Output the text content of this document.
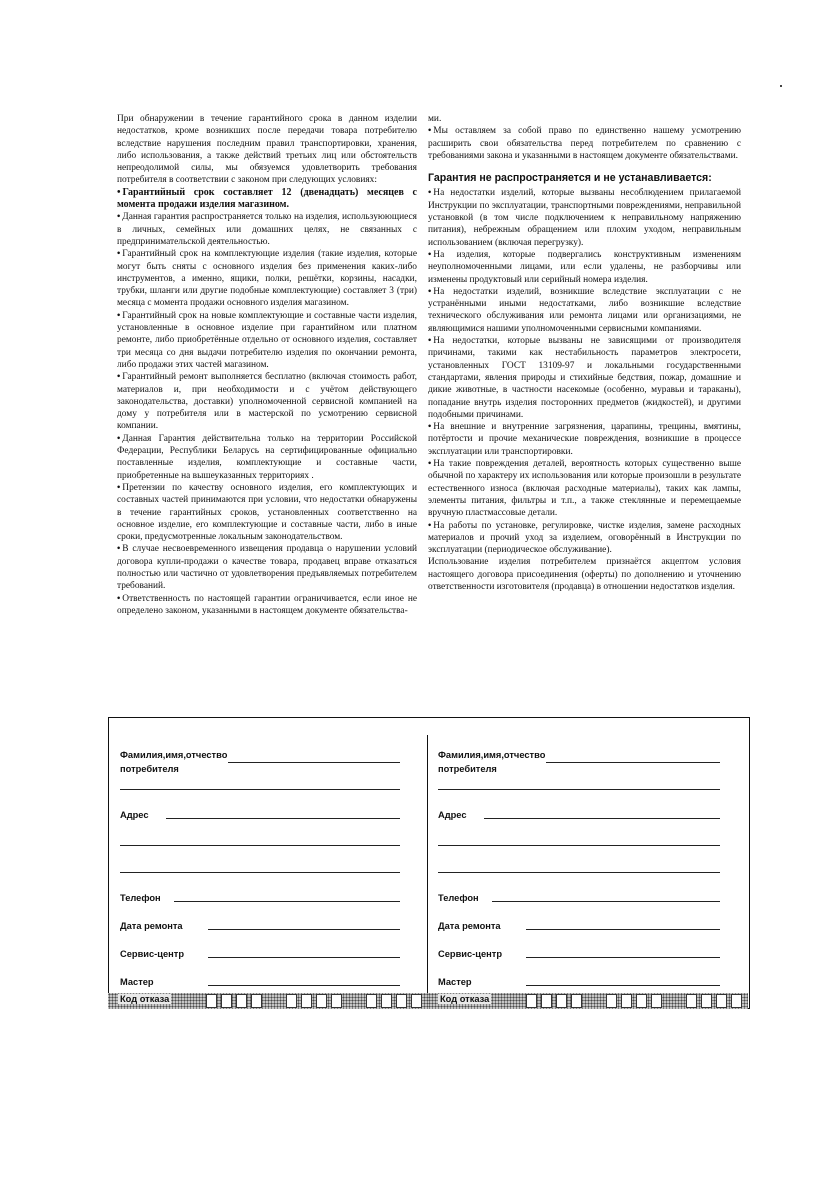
При обнаружении в течение гарантийного срока в данном изделии недостатков, кроме возникших после передачи товара потребителю вследствие нарушения последним правил транспортировки, хранения, либо использования, а также действий третьих лиц или обстоятельств непреодолимой силы, мы обязуемся удовлетворить требования потребителя в соответствии с законом при следующих условиях:

• Гарантийный срок составляет 12 (двенадцать) месяцев с момента продажи изделия магазином.

• Данная гарантия распространяется только на изделия, используюющиеся в личных, семейных или домашних целях, не связанных с предпринимательской деятельностью.

• Гарантийный срок на комплектующие изделия (такие изделия, которые могут быть сняты с основного изделия без применения каких-либо инструментов, а именно, ящики, полки, решётки, корзины, насадки, трубки, шланги или другие подобные комплектующие) составляет 3 (три) месяца с момента продажи основного изделия магазином.

• Гарантийный срок на новые комплектующие и составные части изделия, установленные в основное изделие при гарантийном или платном ремонте, либо приобретённые отдельно от основного изделия, составляет три месяца со дня выдачи потребителю изделия по окончании ремонта, либо продажи этих частей магазином.

• Гарантийный ремонт выполняется бесплатно (включая стоимость работ, материалов и, при необходимости и с учётом действующего законодательства, доставки) уполномоченной сервисной компанией на дому у потребителя или в мастерской по усмотрению сервисной компании.

• Данная Гарантия действительна только на территории Российской Федерации, Республики Беларусь на сертифицированные официально поставленные изделия, комплектующие и составные части, приобретенные на вышеуказанных территориях .

• Претензии по качеству основного изделия, его комплектующих и составных частей принимаются при условии, что недостатки обнаружены в течение гарантийных сроков, установленных соответственно на основное изделие, его комплектующие и составные части, либо в иные сроки, предусмотренные локальным законодательством.

• В случае несвоевременного извещения продавца о нарушении условий договора купли-продажи о качестве товара, продавец вправе отказаться полностью или частично от удовлетворения предъявляемых потребителем требований.

• Ответственность по настоящей гарантии ограничивается, если иное не определено законом, указанными в настоящем документе обязательства-

ми.

• Мы оставляем за собой право по единственно нашему усмотрению расширить свои обязательства перед потребителем по сравнению с требованиями закона и указанными в настоящем документе обязательствами.

Гарантия не распространяется и не устанавливается:

• На недостатки изделий, которые вызваны несоблюдением прилагаемой Инструкции по эксплуатации, транспортными повреждениями, неправильной установкой (в том числе подключением к неправильному напряжению питания), небрежным обращением или плохим уходом, неправильным использованием (включая перегрузку).

• На изделия, которые подвергались конструктивным изменениям неуполномоченными лицами, или если удалены, не разборчивы или изменены продуктовый или серийный номера изделия.

• На недостатки изделий, возникшие вследствие эксплуатации с не устранёнными иными недостатками, либо возникшие вследствие технического обслуживания или ремонта лицами или организациями, не являющимися нашими уполномоченными сервисными компаниями.

• На недостатки, которые вызваны не зависящими от производителя причинами, такими как нестабильность параметров электросети, установленных ГОСТ 13109-97 и локальными государственными стандартами, явления природы и стихийные бедствия, пожар, домашние и дикие животные, в частности насекомые (особенно, муравьи и тараканы), попадание внутрь изделия посторонних предметов (жидкостей), и другими подобными причинами.

• На внешние и внутренние загрязнения, царапины, трещины, вмятины, потёртости и прочие механические повреждения, возникшие в процессе эксплуатации или транспортировки.

• На такие повреждения деталей, вероятность которых существенно выше обычной по характеру их использования или которые произошли в результате естественного износа (включая расходные материалы), таких как лампы, элементы питания, фильтры и т.п., а также стеклянные и перемещаемые вручную пластмассовые детали.

• На работы по установке, регулировке, чистке изделия, замене расходных материалов и прочий уход за изделием, оговорённый в Инструкции по эксплуатации (периодическое обслуживание).

Использование изделия потребителем признаётся акцептом условия настоящего договора присоединения (оферты) по дополнению и уточнению ответственности изготовителя (продавца) в отношении недостатков изделия.

Фамилия,имя,отчество
потребителя
Адрес
Телефон
Дата ремонта
Сервис-центр
Мастер
Код отказа
Фамилия,имя,отчество
потребителя
Адрес
Телефон
Дата ремонта
Сервис-центр
Мастер
Код отказа
